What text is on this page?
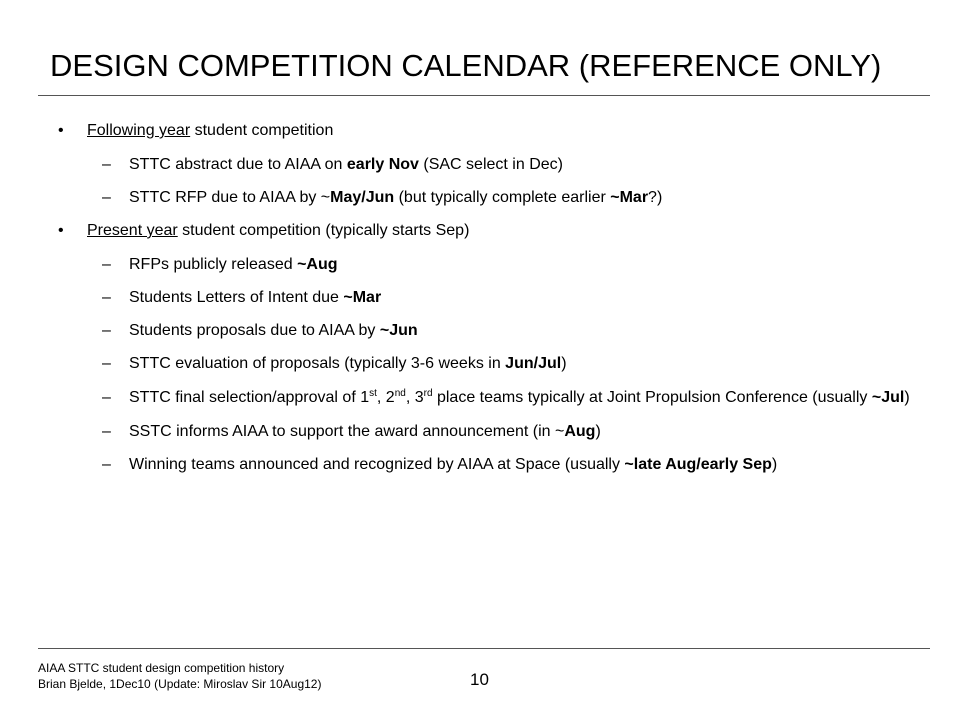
DESIGN COMPETITION CALENDAR (REFERENCE ONLY)
• Following year student competition
– STTC abstract due to AIAA on early Nov (SAC select in Dec)
– STTC RFP due to AIAA by ~May/Jun (but typically complete earlier ~Mar?)
• Present year student competition (typically starts Sep)
– RFPs publicly released ~Aug
– Students Letters of Intent due ~Mar
– Students proposals due to AIAA by ~Jun
– STTC evaluation of proposals (typically 3-6 weeks in Jun/Jul)
– STTC final selection/approval of 1st, 2nd, 3rd place teams typically at Joint Propulsion Conference (usually ~Jul)
– SSTC informs AIAA to support the award announcement (in ~Aug)
– Winning teams announced and recognized by AIAA at Space (usually ~late Aug/early Sep)
AIAA STTC student design competition history
Brian Bjelde, 1Dec10 (Update: Miroslav Sir 10Aug12)	10
